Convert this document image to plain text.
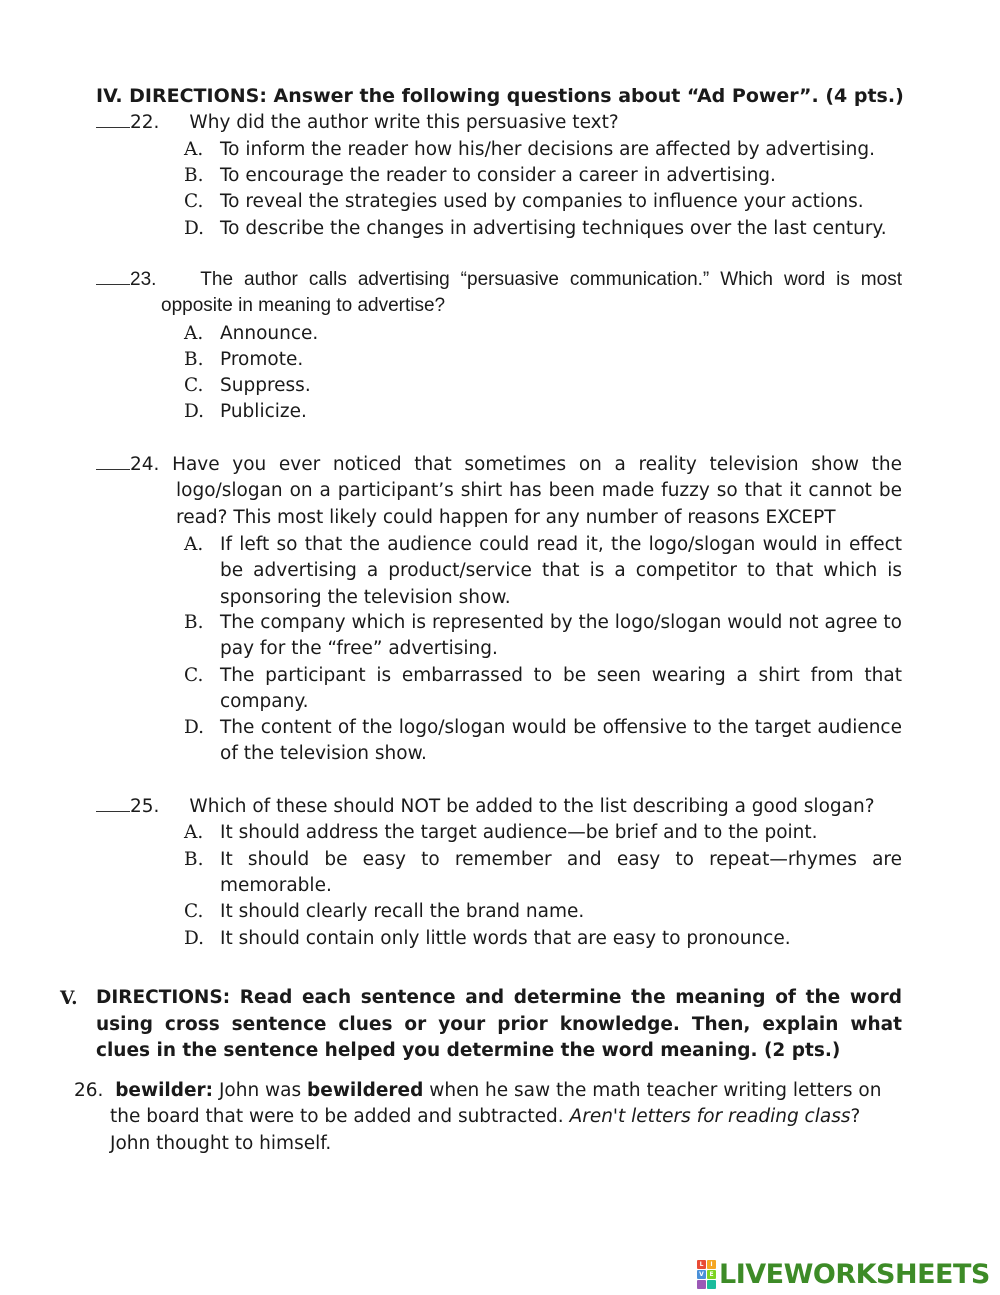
IV. DIRECTIONS: Answer the following questions about “Ad Power”. (4 pts.)
22. Why did the author write this persuasive text?
A. To inform the reader how his/her decisions are affected by advertising.
B. To encourage the reader to consider a career in advertising.
C. To reveal the strategies used by companies to influence your actions.
D. To describe the changes in advertising techniques over the last century.
23. The author calls advertising “persuasive communication.” Which word is most
opposite in meaning to advertise?
A. Announce.
B. Promote.
C. Suppress.
D. Publicize.
24. Have you ever noticed that sometimes on a reality television show the
logo/slogan on a participant’s shirt has been made fuzzy so that it cannot be
read? This most likely could happen for any number of reasons EXCEPT
A. If left so that the audience could read it, the logo/slogan would in effect be advertising a product/service that is a competitor to that which is sponsoring the television show.
B. The company which is represented by the logo/slogan would not agree to pay for the “free” advertising.
C. The participant is embarrassed to be seen wearing a shirt from that company.
D. The content of the logo/slogan would be offensive to the target audience of the television show.
25. Which of these should NOT be added to the list describing a good slogan?
A. It should address the target audience—be brief and to the point.
B. It should be easy to remember and easy to repeat—rhymes are memorable.
C. It should clearly recall the brand name.
D. It should contain only little words that are easy to pronounce.
V. DIRECTIONS: Read each sentence and determine the meaning of the word using cross sentence clues or your prior knowledge. Then, explain what clues in the sentence helped you determine the word meaning. (2 pts.)
26. bewilder: John was bewildered when he saw the math teacher writing letters on
the board that were to be added and subtracted. Aren't letters for reading class?
John thought to himself.
L	I
V E LIVEWORKSHEETS
